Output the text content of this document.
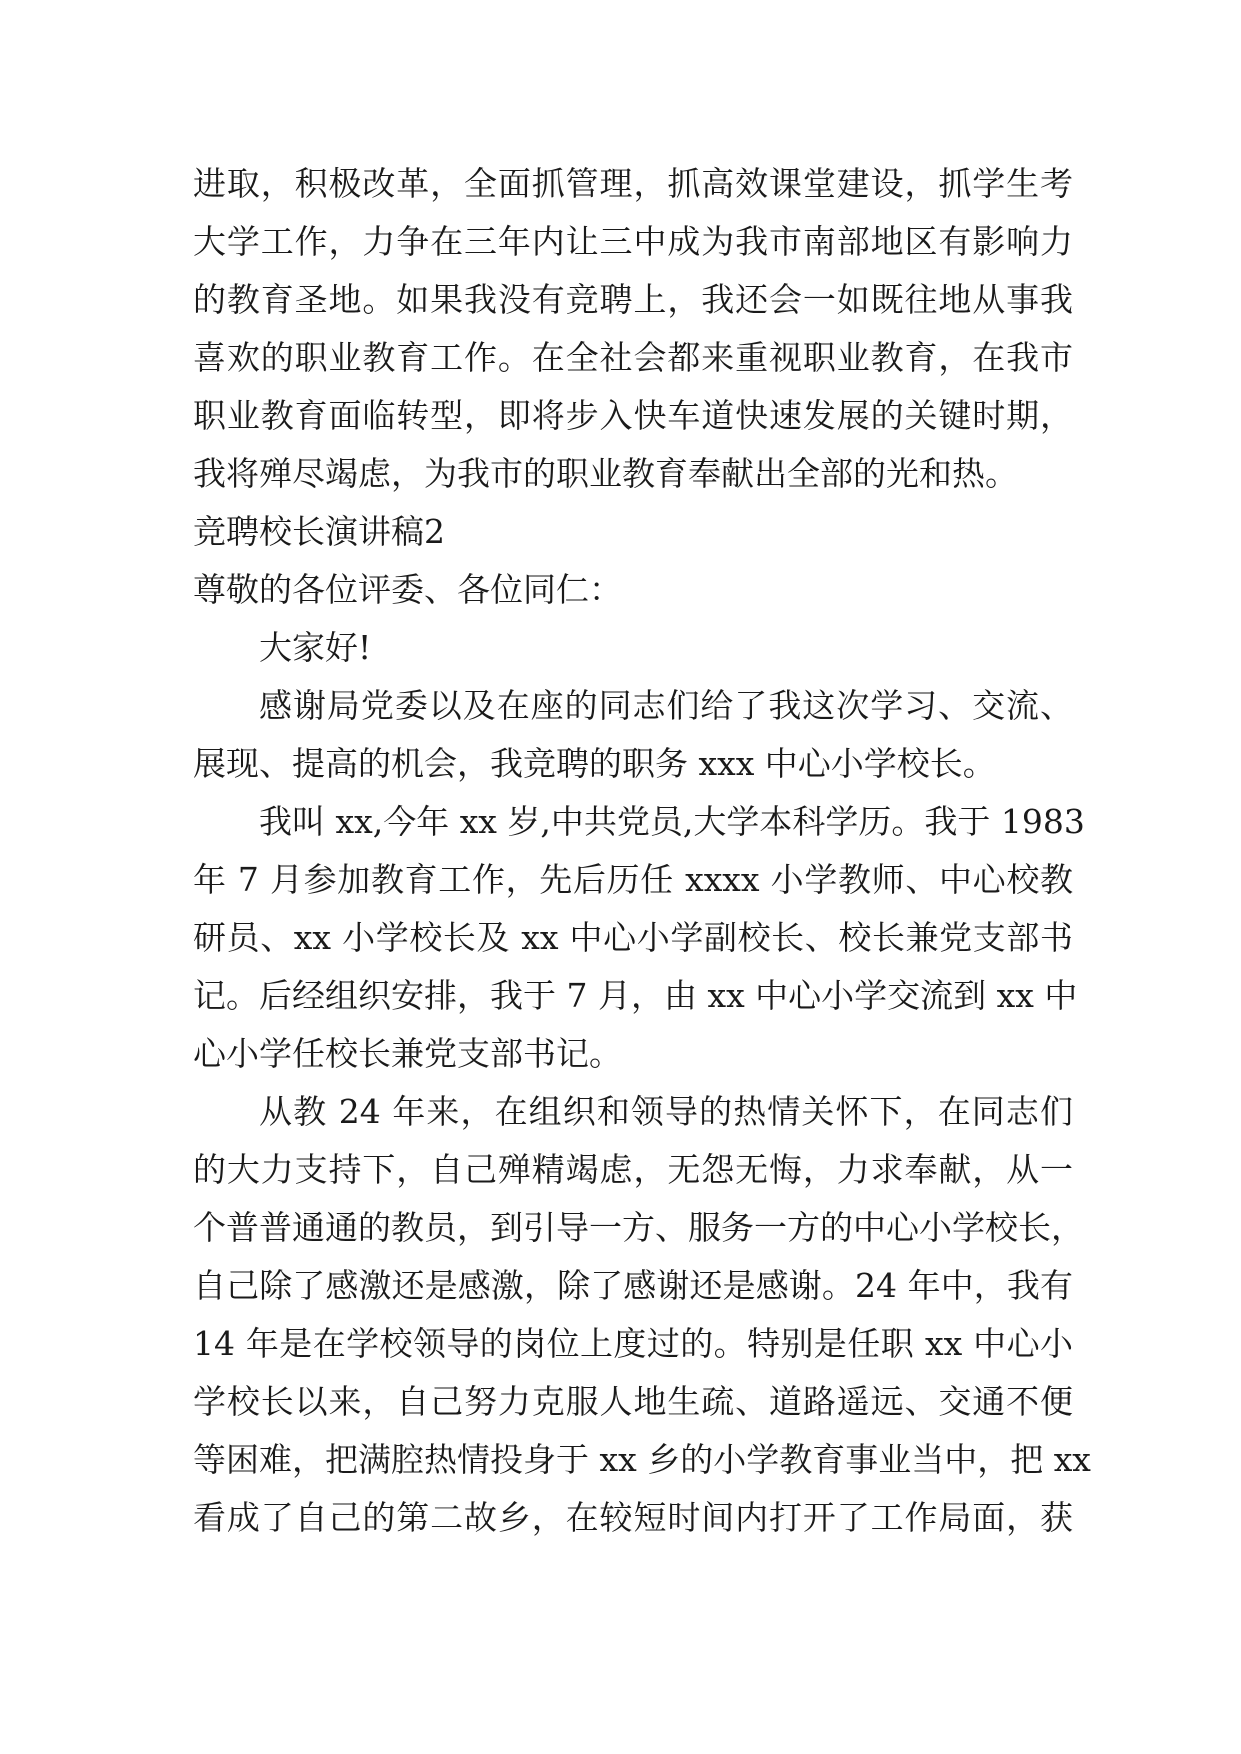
进取，积极改革，全面抓管理，抓高效课堂建设，抓学生考
大学工作，力争在三年内让三中成为我市南部地区有影响力
的教育圣地。如果我没有竞聘上，我还会一如既往地从事我
喜欢的职业教育工作。在全社会都来重视职业教育，在我市
职业教育面临转型，即将步入快车道快速发展的关键时期，
我将殚尽竭虑，为我市的职业教育奉献出全部的光和热。
竞聘校长演讲稿2
尊敬的各位评委、各位同仁：
大家好!
感谢局党委以及在座的同志们给了我这次学习、交流、
展现、提高的机会，我竞聘的职务 xxx 中心小学校长。
我叫 xx,今年 xx 岁,中共党员,大学本科学历。我于 1983
年 7 月参加教育工作，先后历任 xxxx 小学教师、中心校教
研员、xx 小学校长及 xx 中心小学副校长、校长兼党支部书
记。后经组织安排，我于 7 月，由 xx 中心小学交流到 xx 中
心小学任校长兼党支部书记。
从教 24 年来，在组织和领导的热情关怀下，在同志们
的大力支持下，自己殚精竭虑，无怨无悔，力求奉献，从一
个普普通通的教员，到引导一方、服务一方的中心小学校长，
自己除了感激还是感激，除了感谢还是感谢。24 年中，我有
14 年是在学校领导的岗位上度过的。特别是任职 xx 中心小
学校长以来，自己努力克服人地生疏、道路遥远、交通不便
等困难，把满腔热情投身于 xx 乡的小学教育事业当中，把 xx
看成了自己的第二故乡，在较短时间内打开了工作局面，获
